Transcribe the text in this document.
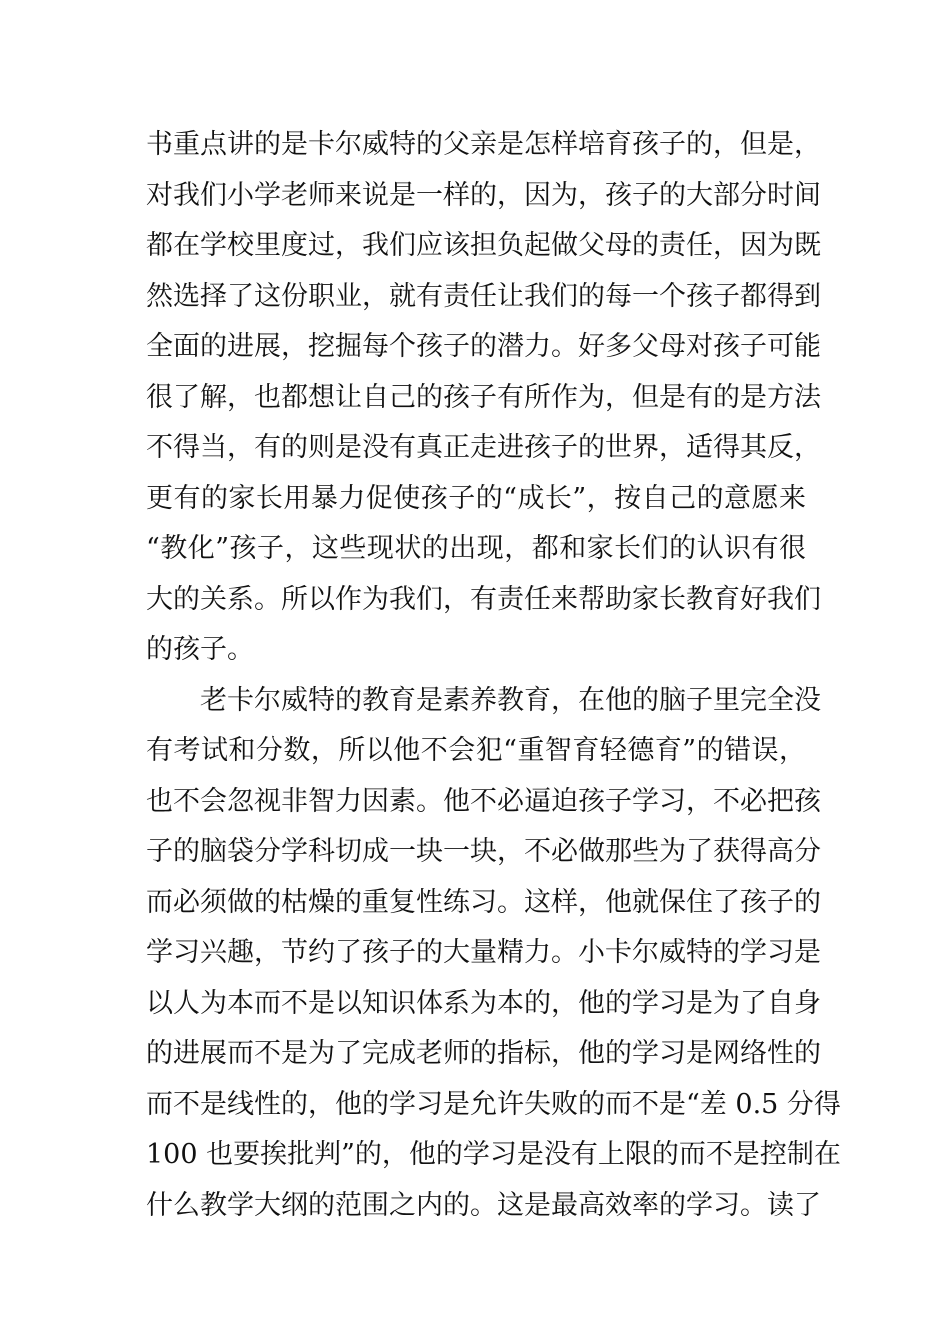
书重点讲的是卡尔威特的父亲是怎样培育孩子的，但是，
对我们小学老师来说是一样的，因为，孩子的大部分时间
都在学校里度过，我们应该担负起做父母的责任，因为既
然选择了这份职业，就有责任让我们的每一个孩子都得到
全面的进展，挖掘每个孩子的潜力。好多父母对孩子可能
很了解，也都想让自己的孩子有所作为，但是有的是方法
不得当，有的则是没有真正走进孩子的世界，适得其反，
更有的家长用暴力促使孩子的“成长”，按自己的意愿来
“教化”孩子，这些现状的出现，都和家长们的认识有很
大的关系。所以作为我们，有责任来帮助家长教育好我们
的孩子。
老卡尔威特的教育是素养教育，在他的脑子里完全没
有考试和分数，所以他不会犯“重智育轻德育”的错误，
也不会忽视非智力因素。他不必逼迫孩子学习，不必把孩
子的脑袋分学科切成一块一块，不必做那些为了获得高分
而必须做的枯燥的重复性练习。这样，他就保住了孩子的
学习兴趣，节约了孩子的大量精力。小卡尔威特的学习是
以人为本而不是以知识体系为本的，他的学习是为了自身
的进展而不是为了完成老师的指标，他的学习是网络性的
而不是线性的，他的学习是允许失败的而不是“差 0.5 分得
100 也要挨批判”的，他的学习是没有上限的而不是控制在
什么教学大纲的范围之内的。这是最高效率的学习。读了
